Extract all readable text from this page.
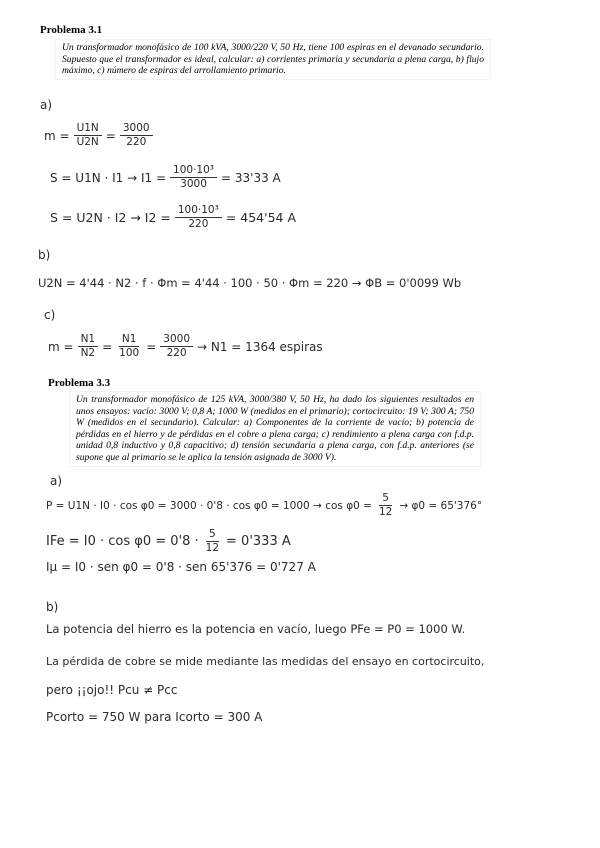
Problema 3.1
Un transformador monofásico de 100 kVA, 3000/220 V, 50 Hz, tiene 100 espiras en el devanado secundario. Supuesto que el transformador es ideal, calcular: a) corrientes primaria y secundaria a plena carga, b) flujo máximo, c) número de espiras del arrollamiento primario.
a)
$m = \frac{U1N}{U2N} = \frac{3000}{220}$
$S = U1N \cdot I1 \to I1 = \frac{\text{100·10³}}{3000} = 33'33$ A
$S = U2N \cdot I2 \to I2 = \frac{\text{100·10³}}{220} = 454'54$ A
b)
U2N = 4'44 · N2 · f · Φm = 4'44 · 100 · 50 · Φm = 220 → ΦB = 0'0099 Wb
c)
$m = \frac{N1}{N2} = \frac{N1}{100} = \frac{3000}{220} \to N1 = 1364$ espiras
Problema 3.3
Un transformador monofásico de 125 kVA, 3000/380 V, 50 Hz, ha dado los siguientes resultados en unos ensayos: vacío: 3000 V; 0,8 A; 1000 W (medidos en el primario); cortocircuito: 19 V; 300 A; 750 W (medidos en el secundario). Calcular: a) Componentes de la corriente de vacío; b) potencia de pérdidas en el hierro y de pérdidas en el cobre a plena carga; c) rendimiento a plena carga con f.d.p. unidad 0,8 inductivo y 0,8 capacitivo; d) tensión secundaria a plena carga, con f.d.p. anteriores (se supone que al primario se le aplica la tensión asignada de 3000 V).
a)
$P = U1N \cdot I0 \cdot \cos \varphi 0 = 3000 \cdot 0'8 \cdot \cos \varphi 0 = 1000 \to \cos \varphi 0 = \frac{5}{12} \to \varphi 0 = 65'376^\circ$
IFe = $I0 \cdot \cos \varphi 0 = 0'8 \cdot \frac{5}{12} = 0'333$ A
Iμ = I0 · sen φ0 = 0'8 · sen 65'376 = 0'727 A
b)
La potencia del hierro es la potencia en vacío, luego PFe = P0 = 1000 W.
La pérdida de cobre se mide mediante las medidas del ensayo en cortocircuito,
pero ¡¡ojo!! Pcu ≠ Pcc
Pcorto = 750 W para Icorto = 300 A
